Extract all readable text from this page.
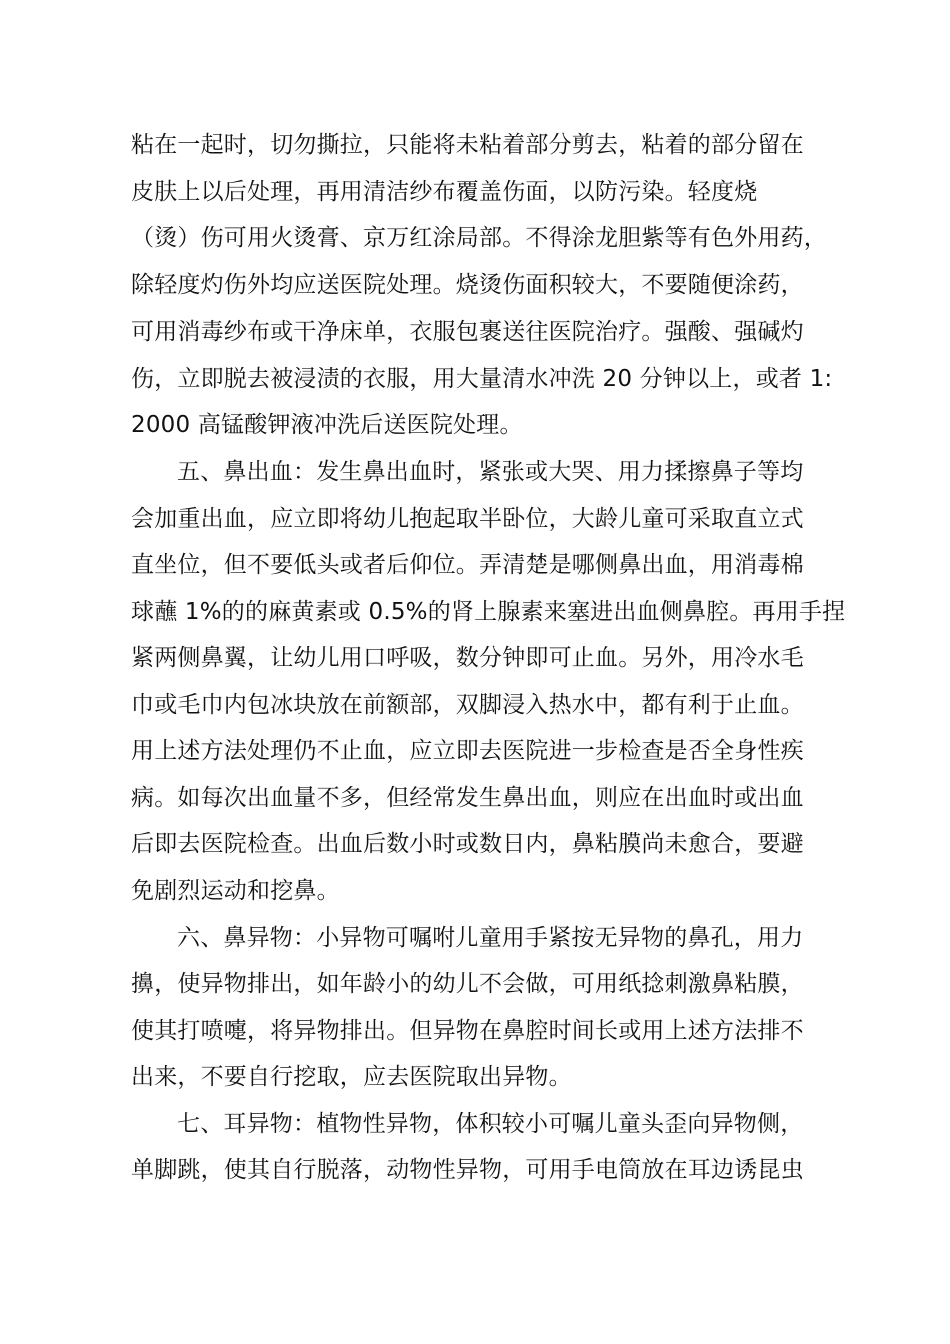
粘在一起时，切勿撕拉，只能将未粘着部分剪去，粘着的部分留在
皮肤上以后处理，再用清洁纱布覆盖伤面，以防污染。轻度烧
（烫）伤可用火烫膏、京万红涂局部。不得涂龙胆紫等有色外用药，
除轻度灼伤外均应送医院处理。烧烫伤面积较大，不要随便涂药，
可用消毒纱布或干净床单，衣服包裹送往医院治疗。强酸、强碱灼
伤，立即脱去被浸渍的衣服，用大量清水冲洗 20 分钟以上，或者 1:
2000 高锰酸钾液冲洗后送医院处理。
五、鼻出血：发生鼻出血时，紧张或大哭、用力揉擦鼻子等均
会加重出血，应立即将幼儿抱起取半卧位，大龄儿童可采取直立式
直坐位，但不要低头或者后仰位。弄清楚是哪侧鼻出血，用消毒棉
球蘸 1%的的麻黄素或 0.5%的肾上腺素来塞进出血侧鼻腔。再用手捏
紧两侧鼻翼，让幼儿用口呼吸，数分钟即可止血。另外，用冷水毛
巾或毛巾内包冰块放在前额部，双脚浸入热水中，都有利于止血。
用上述方法处理仍不止血，应立即去医院进一步检查是否全身性疾
病。如每次出血量不多，但经常发生鼻出血，则应在出血时或出血
后即去医院检查。出血后数小时或数日内，鼻粘膜尚未愈合，要避
免剧烈运动和挖鼻。
六、鼻异物：小异物可嘱咐儿童用手紧按无异物的鼻孔，用力
擤，使异物排出，如年龄小的幼儿不会做，可用纸捻刺激鼻粘膜，
使其打喷嚏，将异物排出。但异物在鼻腔时间长或用上述方法排不
出来，不要自行挖取，应去医院取出异物。
七、耳异物：植物性异物，体积较小可嘱儿童头歪向异物侧，
单脚跳，使其自行脱落，动物性异物，可用手电筒放在耳边诱昆虫
